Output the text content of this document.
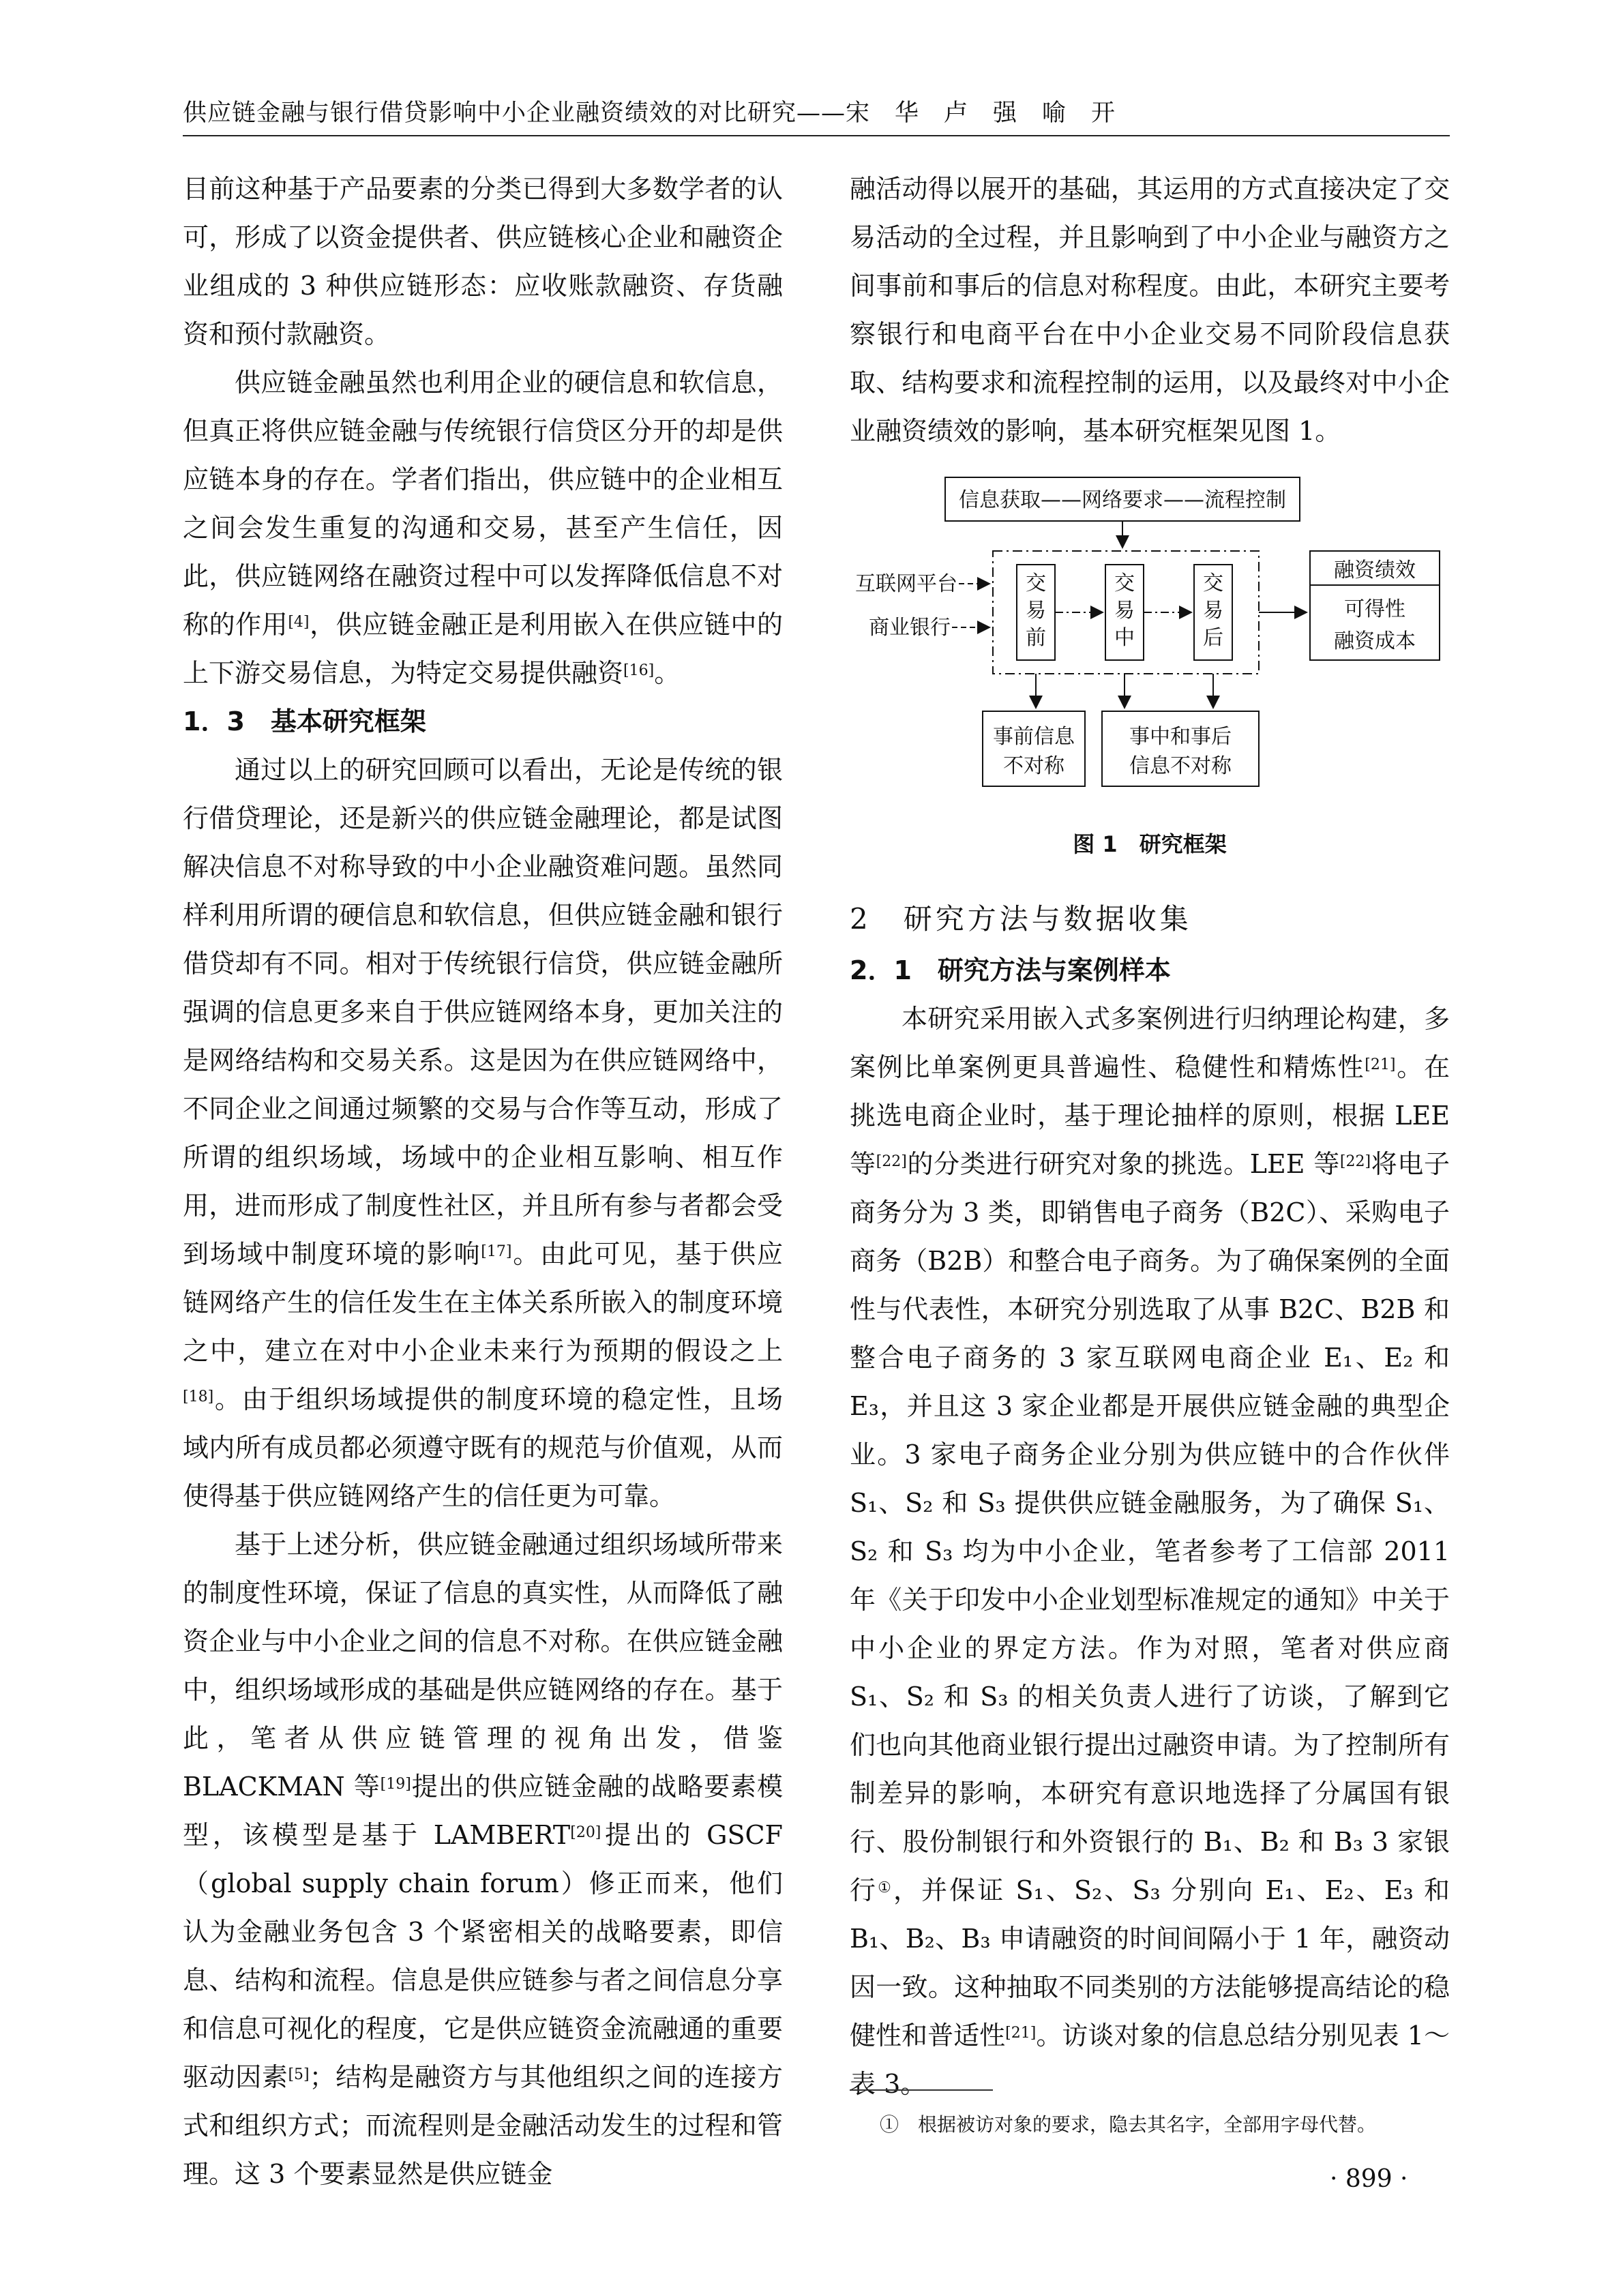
供应链金融与银行借贷影响中小企业融资绩效的对比研究——宋　华　卢　强　喻　开

目前这种基于产品要素的分类已得到大多数学者的认可，形成了以资金提供者、供应链核心企业和融资企业组成的 3 种供应链形态：应收账款融资、存货融资和预付款融资。

供应链金融虽然也利用企业的硬信息和软信息，但真正将供应链金融与传统银行信贷区分开的却是供应链本身的存在。学者们指出，供应链中的企业相互之间会发生重复的沟通和交易，甚至产生信任，因此，供应链网络在融资过程中可以发挥降低信息不对称的作用[4]，供应链金融正是利用嵌入在供应链中的上下游交易信息，为特定交易提供融资[16]。

1．3　基本研究框架

通过以上的研究回顾可以看出，无论是传统的银行借贷理论，还是新兴的供应链金融理论，都是试图解决信息不对称导致的中小企业融资难问题。虽然同样利用所谓的硬信息和软信息，但供应链金融和银行借贷却有不同。相对于传统银行信贷，供应链金融所强调的信息更多来自于供应链网络本身，更加关注的是网络结构和交易关系。这是因为在供应链网络中，不同企业之间通过频繁的交易与合作等互动，形成了所谓的组织场域，场域中的企业相互影响、相互作用，进而形成了制度性社区，并且所有参与者都会受到场域中制度环境的影响[17]。由此可见，基于供应链网络产生的信任发生在主体关系所嵌入的制度环境之中，建立在对中小企业未来行为预期的假设之上[18]。由于组织场域提供的制度环境的稳定性，且场域内所有成员都必须遵守既有的规范与价值观，从而使得基于供应链网络产生的信任更为可靠。

基于上述分析，供应链金融通过组织场域所带来的制度性环境，保证了信息的真实性，从而降低了融资企业与中小企业之间的信息不对称。在供应链金融中，组织场域形成的基础是供应链网络的存在。基于此，笔者从供应链管理的视角出发，借鉴 BLACKMAN 等[19]提出的供应链金融的战略要素模型，该模型是基于 LAMBERT[20]提出的 GSCF（global supply chain forum）修正而来，他们认为金融业务包含 3 个紧密相关的战略要素，即信息、结构和流程。信息是供应链参与者之间信息分享和信息可视化的程度，它是供应链资金流融通的重要驱动因素[5]；结构是融资方与其他组织之间的连接方式和组织方式；而流程则是金融活动发生的过程和管理。这 3 个要素显然是供应链金

融活动得以展开的基础，其运用的方式直接决定了交易活动的全过程，并且影响到了中小企业与融资方之间事前和事后的信息对称程度。由此，本研究主要考察银行和电商平台在中小企业交易不同阶段信息获取、结构要求和流程控制的运用，以及最终对中小企业融资绩效的影响，基本研究框架见图 1。

信息获取——网络要求——流程控制
交
易
前
交
易
中
交
易
后
互联网平台
商业银行
融资绩效
可得性
融资成本
事前信息
不对称
事中和事后
信息不对称
图 1　研究框架
2　研究方法与数据收集
2．1　研究方法与案例样本

本研究采用嵌入式多案例进行归纳理论构建，多案例比单案例更具普遍性、稳健性和精炼性[21]。在挑选电商企业时，基于理论抽样的原则，根据 LEE 等[22]的分类进行研究对象的挑选。LEE 等[22]将电子商务分为 3 类，即销售电子商务（B2C）、采购电子商务（B2B）和整合电子商务。为了确保案例的全面性与代表性，本研究分别选取了从事 B2C、B2B 和整合电子商务的 3 家互联网电商企业 E₁、E₂ 和 E₃，并且这 3 家企业都是开展供应链金融的典型企业。3 家电子商务企业分别为供应链中的合作伙伴 S₁、S₂ 和 S₃ 提供供应链金融服务，为了确保 S₁、S₂ 和 S₃ 均为中小企业，笔者参考了工信部 2011 年《关于印发中小企业划型标准规定的通知》中关于中小企业的界定方法。作为对照，笔者对供应商 S₁、S₂ 和 S₃ 的相关负责人进行了访谈，了解到它们也向其他商业银行提出过融资申请。为了控制所有制差异的影响，本研究有意识地选择了分属国有银行、股份制银行和外资银行的 B₁、B₂ 和 B₃ 3 家银行①，并保证 S₁、S₂、S₃ 分别向 E₁、E₂、E₃ 和 B₁、B₂、B₃ 申请融资的时间间隔小于 1 年，融资动因一致。这种抽取不同类别的方法能够提高结论的稳健性和普适性[21]。访谈对象的信息总结分别见表 1～表 3。

①　根据被访对象的要求，隐去其名字，全部用字母代替。
· 899 ·
